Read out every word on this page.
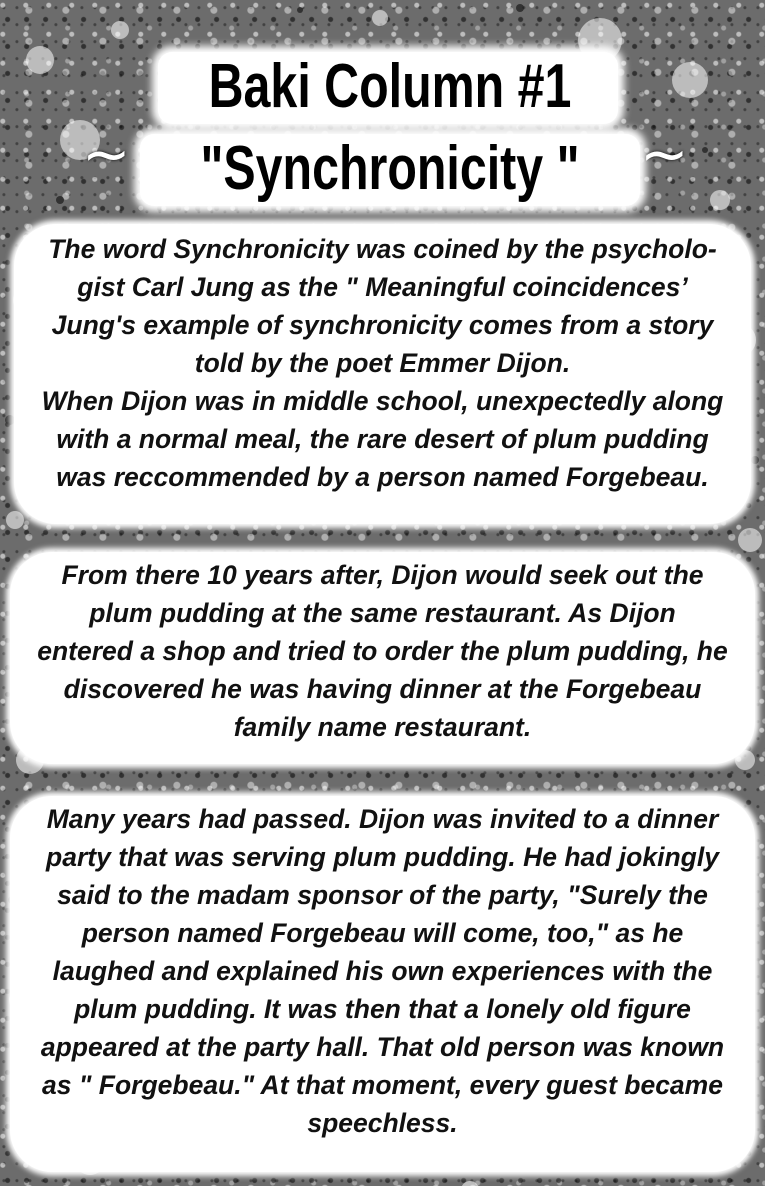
~	~
Baki Column #1
"Synchronicity "

The word Synchronicity was coined by the psycholo-
gist Carl Jung as the " Meaningful coincidences’
Jung's example of synchronicity comes from a story
told by the poet Emmer Dijon.
When Dijon was in middle school, unexpectedly along
with a normal meal, the rare desert of plum pudding
was reccommended by a person named Forgebeau.

From there 10 years after, Dijon would seek out the
plum pudding at the same restaurant. As Dijon
entered a shop and tried to order the plum pudding, he
discovered he was having dinner at the Forgebeau
family name restaurant.

Many years had passed. Dijon was invited to a dinner
party that was serving plum pudding. He had jokingly
said to the madam sponsor of the party, "Surely the
person named Forgebeau will come, too," as he
laughed and explained his own experiences with the
plum pudding. It was then that a lonely old figure
appeared at the party hall. That old person was known
as " Forgebeau." At that moment, every guest became
speechless.
